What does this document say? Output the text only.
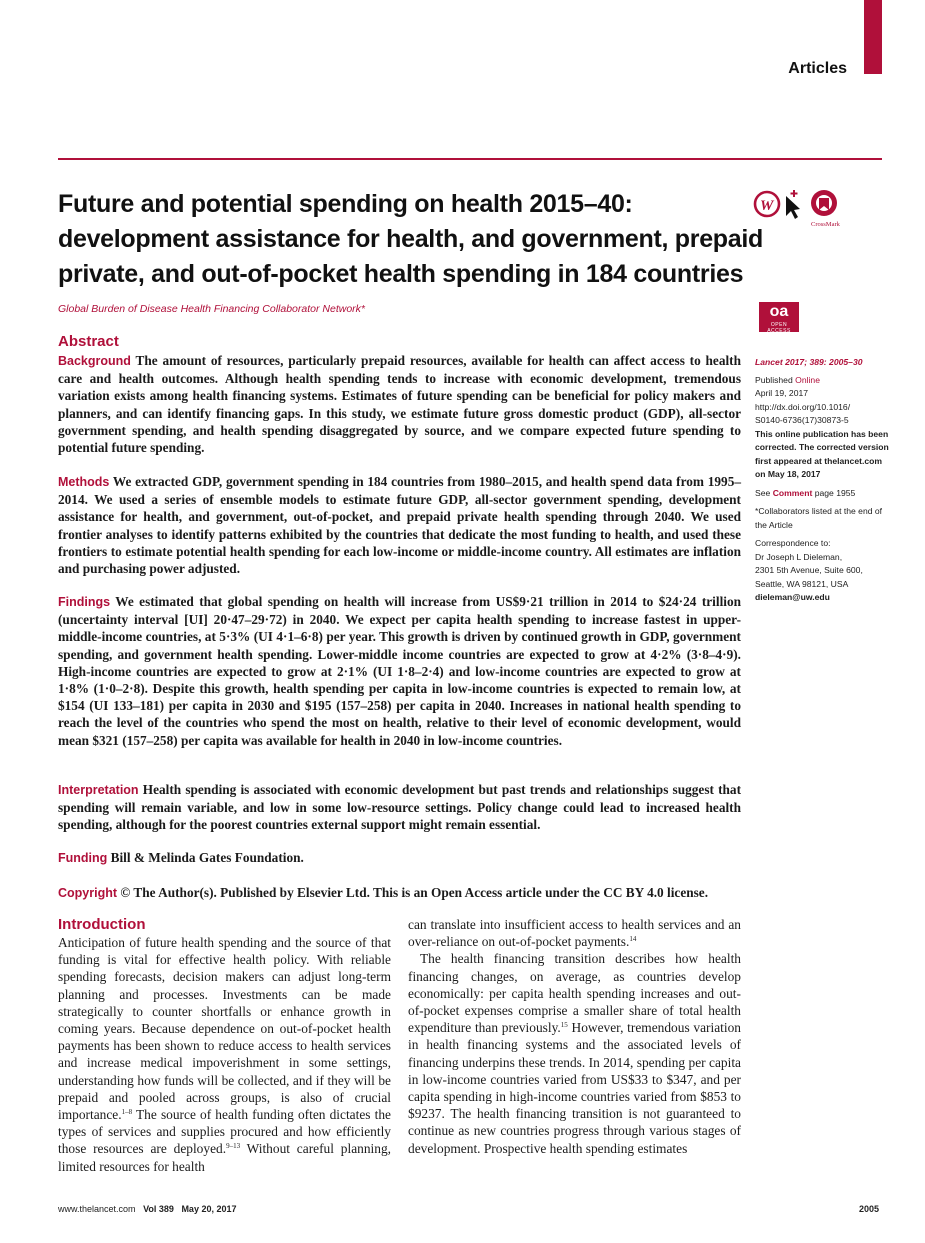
Articles
Future and potential spending on health 2015–40:
development assistance for health, and government, prepaid
private, and out-of-pocket health spending in 184 countries
W
CrossMark
oa
OPEN ACCESS
Global Burden of Disease Health Financing Collaborator Network*
Abstract

Background The amount of resources, particularly prepaid resources, available for health can affect access to health care and health outcomes. Although health spending tends to increase with economic development, tremendous variation exists among health financing systems. Estimates of future spending can be beneficial for policy makers and planners, and can identify financing gaps. In this study, we estimate future gross domestic product (GDP), all-sector government spending, and health spending disaggregated by source, and we compare expected future spending to potential future spending.

Methods We extracted GDP, government spending in 184 countries from 1980–2015, and health spend data from 1995–2014. We used a series of ensemble models to estimate future GDP, all-sector government spending, development assistance for health, and government, out-of-pocket, and prepaid private health spending through 2040. We used frontier analyses to identify patterns exhibited by the countries that dedicate the most funding to health, and used these frontiers to estimate potential health spending for each low-income or middle-income country. All estimates are inflation and purchasing power adjusted.

Findings We estimated that global spending on health will increase from US$9·21 trillion in 2014 to $24·24 trillion (uncertainty interval [UI] 20·47–29·72) in 2040. We expect per capita health spending to increase fastest in upper-middle-income countries, at 5·3% (UI 4·1–6·8) per year. This growth is driven by continued growth in GDP, government spending, and government health spending. Lower-middle income countries are expected to grow at 4·2% (3·8–4·9). High-income countries are expected to grow at 2·1% (UI 1·8–2·4) and low-income countries are expected to grow at 1·8% (1·0–2·8). Despite this growth, health spending per capita in low-income countries is expected to remain low, at $154 (UI 133–181) per capita in 2030 and $195 (157–258) per capita in 2040. Increases in national health spending to reach the level of the countries who spend the most on health, relative to their level of economic development, would mean $321 (157–258) per capita was available for health in 2040 in low-income countries.

Interpretation Health spending is associated with economic development but past trends and relationships suggest that spending will remain variable, and low in some low-resource settings. Policy change could lead to increased health spending, although for the poorest countries external support might remain essential.

Funding Bill & Melinda Gates Foundation.

Copyright © The Author(s). Published by Elsevier Ltd. This is an Open Access article under the CC BY 4.0 license.

Lancet 2017; 389: 2005–30
Published Online
April 19, 2017
http://dx.doi.org/10.1016/
S0140-6736(17)30873-5
This online publication has been corrected. The corrected version first appeared at thelancet.com on May 18, 2017
See Comment page 1955
*Collaborators listed at the end of the Article
Correspondence to:
Dr Joseph L Dieleman,
2301 5th Avenue, Suite 600,
Seattle, WA 98121, USA
dieleman@uw.edu
Introduction

Anticipation of future health spending and the source of that funding is vital for effective health policy. With reliable spending forecasts, decision makers can adjust long-term planning and processes. Investments can be made strategically to counter shortfalls or enhance growth in coming years. Because dependence on out-of-pocket health payments has been shown to reduce access to health services and increase medical impoverishment in some settings, understanding how funds will be collected, and if they will be prepaid and pooled across groups, is also of crucial importance.$^{1-8}$ The source of health funding often dictates the types of services and supplies procured and how efficiently those resources are deployed.$^{9-13}$ Without careful planning, limited resources for health

can translate into insufficient access to health services and an over-reliance on out-of-pocket payments.$^{14}$

The health financing transition describes how health financing changes, on average, as countries develop economically: per capita health spending increases and out-of-pocket expenses comprise a smaller share of total health expenditure than previously.$^{15}$ However, tremendous variation in health financing systems and the associated levels of financing underpins these trends. In 2014, spending per capita in low-income countries varied from US$33 to $347, and per capita spending in high-income countries varied from $853 to $9237. The health financing transition is not guaranteed to continue as new countries progress through various stages of development. Prospective health spending estimates

www.thelancet.com Vol 389 May 20, 2017	2005
